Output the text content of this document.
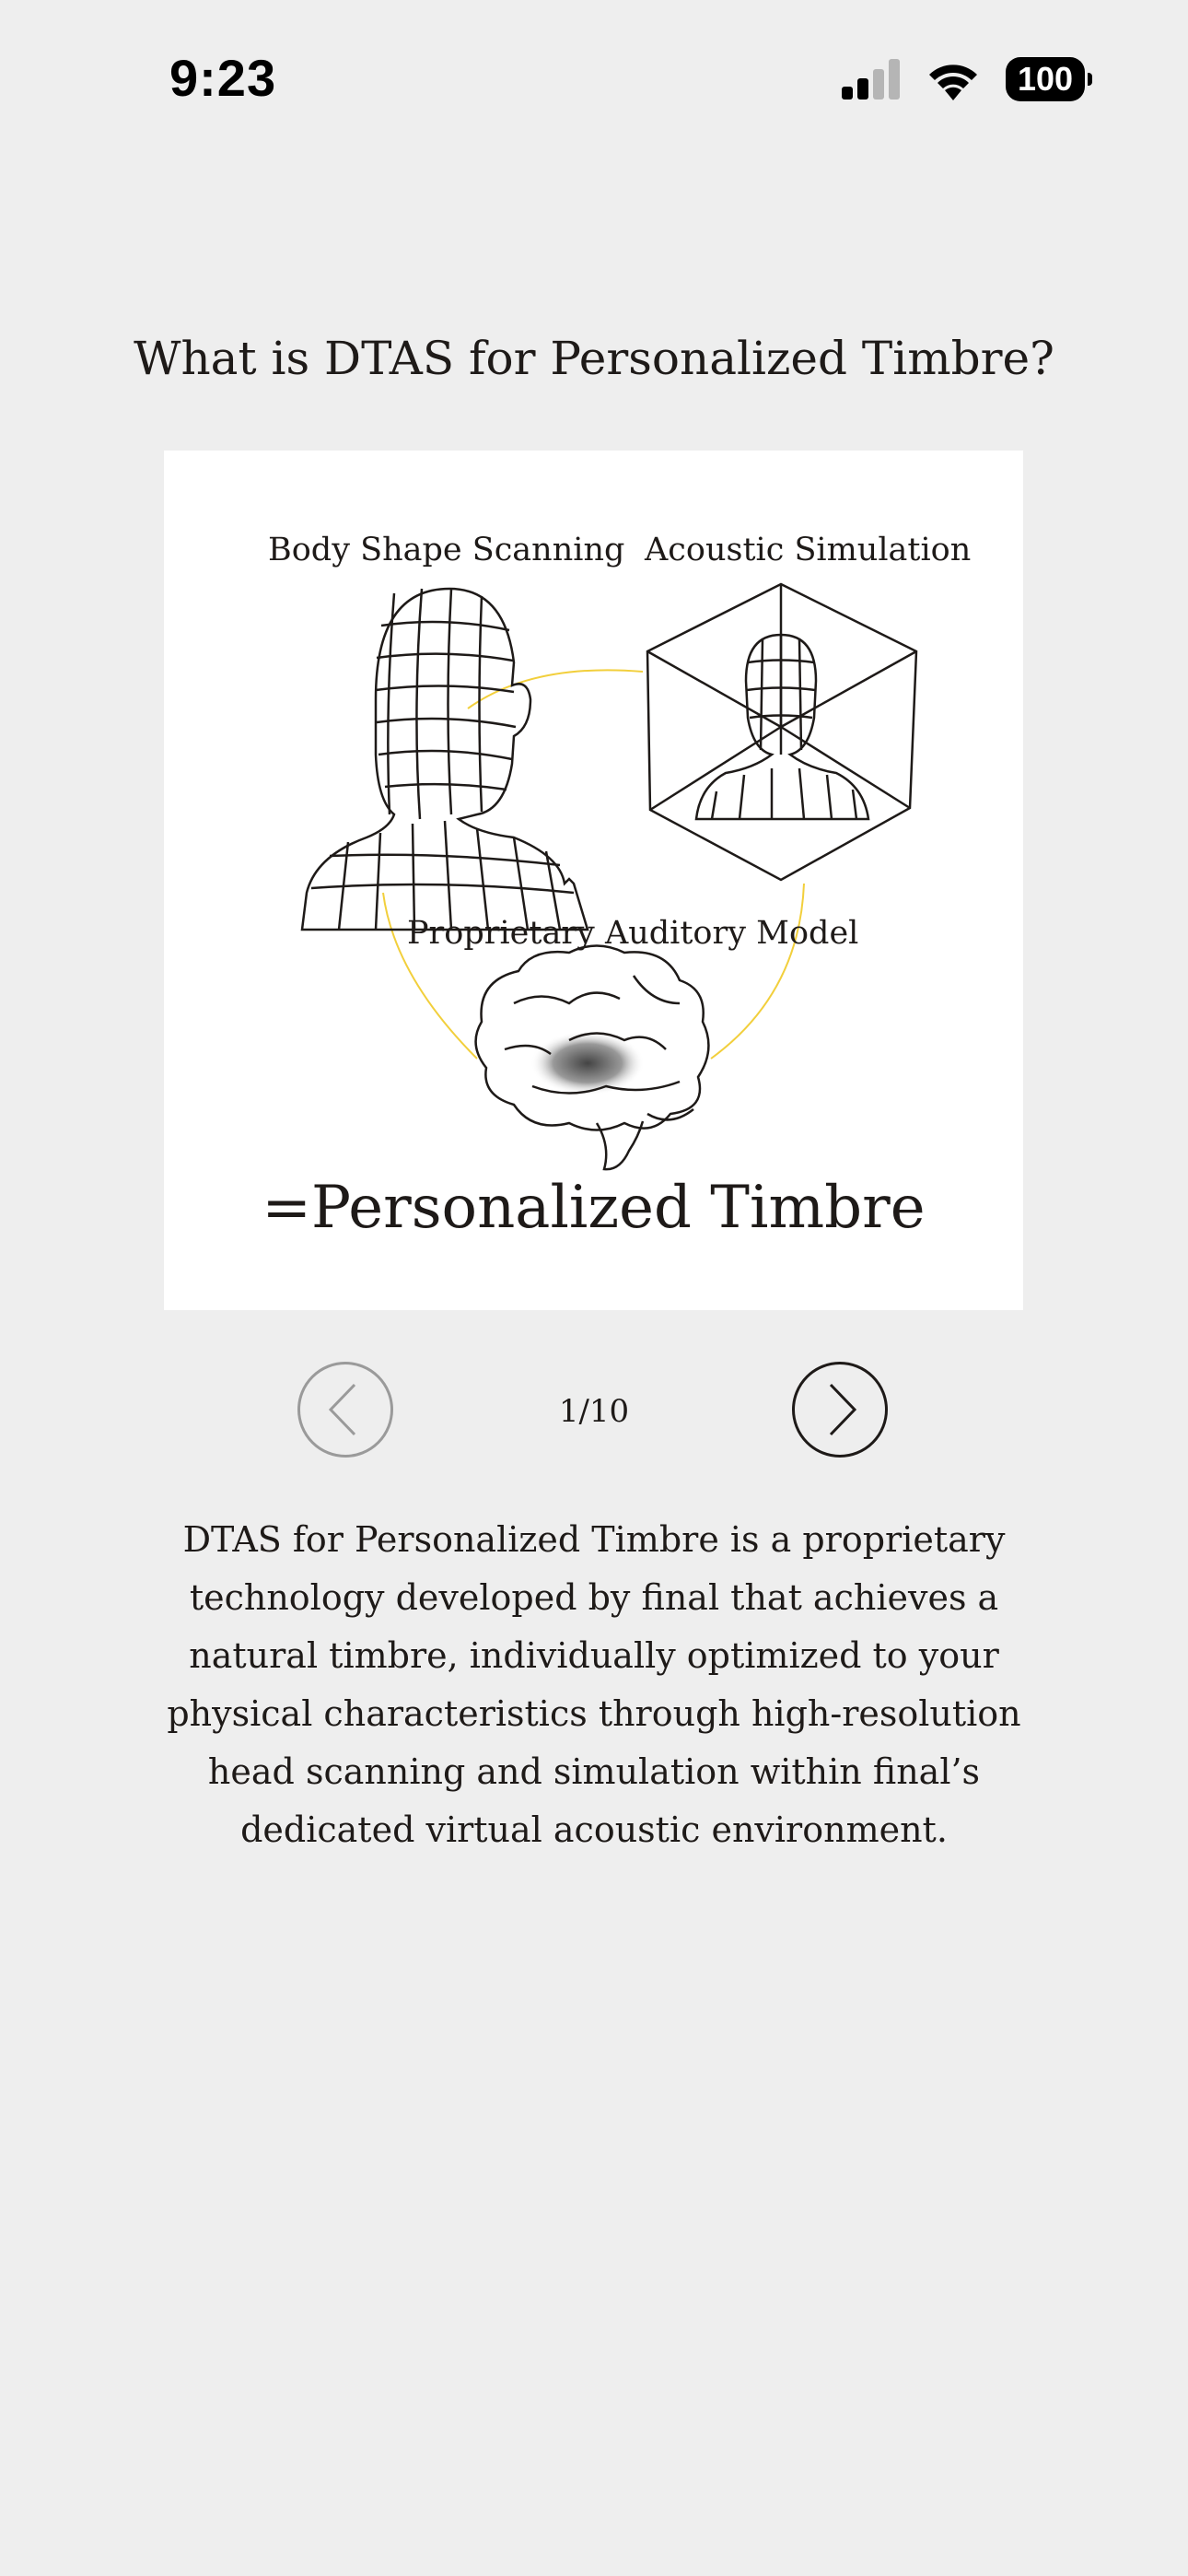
9:23	100
What is DTAS for Personalized Timbre?
Body Shape Scanning Acoustic Simulation
Proprietary Auditory Model
=Personalized Timbre
1/10

DTAS for Personalized Timbre is a proprietary technology developed by final that achieves a natural timbre, individually optimized to your physical characteristics through high-resolution head scanning and simulation within final’s dedicated virtual acoustic environment.
